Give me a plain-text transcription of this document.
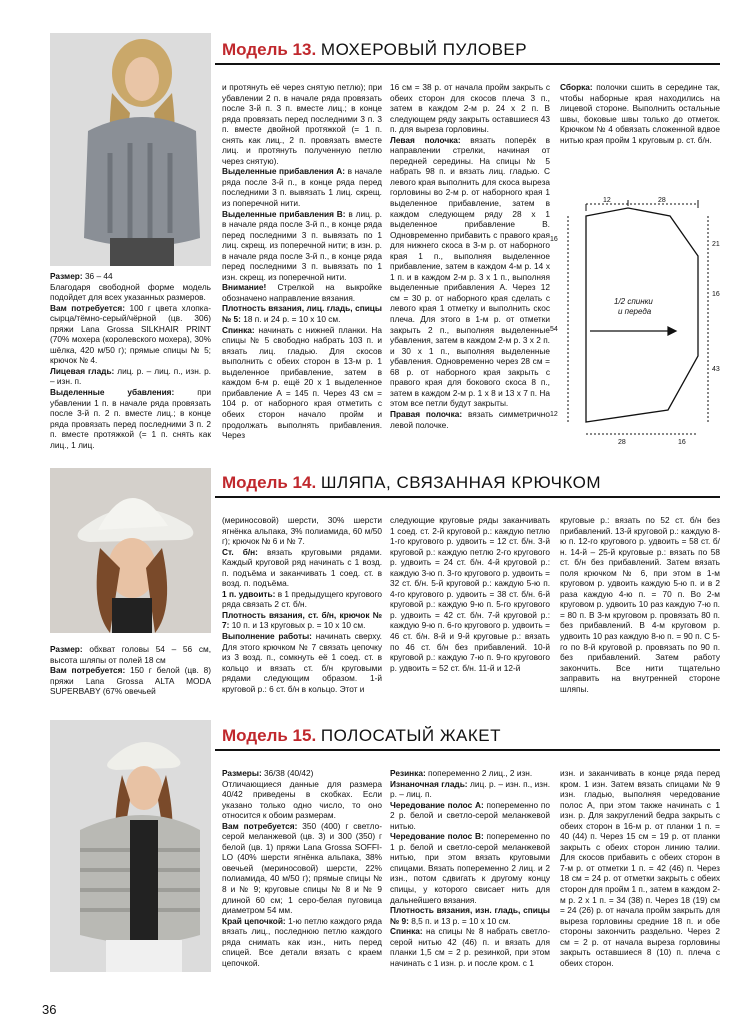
Модель 13. МОХЕРОВЫЙ ПУЛОВЕР

Размер: 36 – 44

Благодаря свободной форме модель подойдет для всех указанных размеров.

Вам потребуется: 100 г цвета хлопка-сырца/тёмно-серый/чёрной (цв. 306) пряжи Lana Grossa SILKHAIR PRINT (70% мохера (королевского мохера), 30% шёлка, 420 м/50 г); прямые спицы № 5; крючок № 4.

Лицевая гладь: лиц. р. – лиц. п., изн. р. – изн. п.

Выделенные убавления: при убавлении 1 п. в начале ряда провязать после 3-й п. 2 п. вместе лиц.; в конце ряда провязать перед последними 3 п. 2 п. вместе протяжкой (= 1 п. снять как лиц., 1 лиц.

и протянуть её через снятую петлю); при убавлении 2 п. в начале ряда провязать после 3-й п. 3 п. вместе лиц.; в конце ряда провязать перед последними 3 п. 3 п. вместе двойной протяжкой (= 1 п. снять как лиц., 2 п. провязать вместе лиц. и протянуть полученную петлю через снятую).

Выделенные прибавления А: в начале ряда после 3-й п., в конце ряда перед последними 3 п. вывязать 1 лиц. скрещ. из поперечной нити.

Выделенные прибавления В: в лиц. р. в начале ряда после 3-й п., в конце ряда перед последними 3 п. вывязать по 1 лиц. скрещ. из поперечной нити; в изн. р. в начале ряда после 3-й п., в конце ряда перед последними 3 п. вывязать по 1 изн. скрещ. из поперечной нити.

Внимание! Стрелкой на выкройке обозначено направление вязания.

Плотность вязания, лиц. гладь, спицы № 5: 18 п. и 24 р. = 10 х 10 см.

Спинка: начинать с нижней планки. На спицы № 5 свободно набрать 103 п. и вязать лиц. гладью. Для скосов выполнить с обеих сторон в 13-м р. 1 выделенное прибавление, затем в каждом 6-м р. ещё 20 х 1 выделенное прибавление А = 145 п. Через 43 см = 104 р. от наборного края отметить с обеих сторон начало пройм и продолжать выполнять прибавления. Через

16 см = 38 р. от начала пройм закрыть с обеих сторон для скосов плеча 3 п., затем в каждом 2-м р. 24 х 2 п. В следующем ряду закрыть оставшиеся 43 п. для выреза горловины.

Левая полочка: вязать поперёк в направлении стрелки, начиная от передней середины. На спицы № 5 набрать 98 п. и вязать лиц. гладью. С левого края выполнить для скоса выреза горловины во 2-м р. от наборного края 1 выделенное прибавление, затем в каждом следующем ряду 28 х 1 выделенное прибавление В. Одновременно прибавить с правого края для нижнего скоса в 3-м р. от наборного края 1 п., выполняя выделенное прибавление, затем в каждом 4-м р. 14 х 1 п. и в каждом 2-м р. 3 х 1 п., выполняя выделенные прибавления А. Через 12 см = 30 р. от наборного края сделать с левого края 1 отметку и выполнить скос плеча. Для этого в 1-м р. от отметки закрыть 2 п., выполняя выделенные убавления, затем в каждом 2-м р. 3 х 2 п. и 30 х 1 п., выполняя выделенные убавления. Одновременно через 28 см = 68 р. от наборного края закрыть с правого края для бокового скоса 8 п., затем в каждом 2-м р. 1 х 8 и 13 х 7 п. На этом все петли будут закрыты.

Правая полочка: вязать симметрично левой полочке.

Сборка: полочки сшить в середине так, чтобы наборные края находились на лицевой стороне. Выполнить остальные швы, боковые швы только до отметок. Крючком № 4 обвязать сложенной вдвое нитью края пройм 1 круговым р. ст. б/н.

12	28
21
16
43
16
54
12
28	16
1/2 спинки
и переда
Модель 14. ШЛЯПА, СВЯЗАННАЯ КРЮЧКОМ

Размер: обхват головы 54 – 56 см, высота шляпы от полей 18 см

Вам потребуется: 150 г белой (цв. 8) пряжи Lana Grossa ALTA MODA SUPERBABY (67% овечьей

(мериносовой) шерсти, 30% шерсти ягнёнка альпака, 3% полиамида, 60 м/50 г); крючок № 6 и № 7.

Ст. б/н: вязать круговыми рядами. Каждый круговой ряд начинать с 1 возд. п. подъёма и заканчивать 1 соед. ст. в возд. п. подъёма.

1 п. удвоить: в 1 предыдущего кругового ряда связать 2 ст. б/н.

Плотность вязания, ст. б/н, крючок № 7: 10 п. и 13 круговых р. = 10 х 10 см.

Выполнение работы: начинать сверху. Для этого крючком № 7 связать цепочку из 3 возд. п., сомкнуть её 1 соед. ст. в кольцо и вязать ст. б/н круговыми рядами следующим образом. 1-й круговой р.: 6 ст. б/н в кольцо. Этот и

следующие круговые ряды заканчивать 1 соед. ст. 2-й круговой р.: каждую петлю 1-го кругового р. удвоить = 12 ст. б/н. 3-й круговой р.: каждую петлю 2-го кругового р. удвоить = 24 ст. б/н. 4-й круговой р.: каждую 3-ю п. 3-го кругового р. удвоить = 32 ст. б/н. 5-й круговой р.: каждую 5-ю п. 4-го кругового р. удвоить = 38 ст. б/н. 6-й круговой р.: каждую 9-ю п. 5-го кругового р. удвоить = 42 ст. б/н. 7-й круговой р.: каждую 9-ю п. 6-го кругового р. удвоить = 46 ст. б/н. 8-й и 9-й круговые р.: вязать по 46 ст. б/н без прибавлений. 10-й круговой р.: каждую 7-ю п. 9-го кругового р. удвоить = 52 ст. б/н. 11-й и 12-й

круговые р.: вязать по 52 ст. б/н без прибавлений. 13-й круговой р.: каждую 8-ю п. 12-го кругового р. удвоить = 58 ст. б/н. 14-й – 25-й круговые р.: вязать по 58 ст. б/н без прибавлений. Затем вязать поля крючком № 6, при этом в 1-м круговом р. удвоить каждую 5-ю п. и в 2 раза каждую 4-ю п. = 70 п. Во 2-м круговом р. удвоить 10 раз каждую 7-ю п. = 80 п. В 3-м круговом р. провязать 80 п. без прибавлений. В 4-м круговом р. удвоить 10 раз каждую 8-ю п. = 90 п. С 5-го по 8-й круговой р. провязать по 90 п. без прибавлений. Затем работу закончить. Все нити тщательно заправить на внутренней стороне шляпы.

Модель 15. ПОЛОСАТЫЙ ЖАКЕТ

Размеры: 36/38 (40/42)

Отличающиеся данные для размера 40/42 приведены в скобках. Если указано только одно число, то оно относится к обоим размерам.

Вам потребуется: 350 (400) г светло-серой меланжевой (цв. 3) и 300 (350) г белой (цв. 1) пряжи Lana Grossa SOFFI-LO (40% шерсти ягнёнка альпака, 38% овечьей (мериносовой) шерсти, 22% полиамида, 40 м/50 г); прямые спицы № 8 и № 9; круговые спицы № 8 и № 9 длиной 60 см; 1 серо-белая пуговица диаметром 54 мм.

Край цепочкой: 1-ю петлю каждого ряда вязать лиц., последнюю петлю каждого ряда снимать как изн., нить перед спицей. Все детали вязать с краем цепочкой.

Резинка: попеременно 2 лиц., 2 изн.

Изнаночная гладь: лиц. р. – изн. п., изн. р. – лиц. п.

Чередование полос А: попеременно по 2 р. белой и светло-серой меланжевой нитью.

Чередование полос В: попеременно по 1 р. белой и светло-серой меланжевой нитью, при этом вязать круговыми спицами. Вязать попеременно 2 лиц. и 2 изн., потом сдвигать к другому концу спицы, у которого свисает нить для дальнейшего вязания.

Плотность вязания, изн. гладь, спицы № 9: 8,5 п. и 13 р. = 10 х 10 см.

Спинка: на спицы № 8 набрать светло-серой нитью 42 (46) п. и вязать для планки 1,5 см = 2 р. резинкой, при этом начинать с 1 изн. р. и после кром. с 1

изн. и заканчивать в конце ряда перед кром. 1 изн. Затем вязать спицами № 9 изн. гладью, выполняя чередование полос А, при этом также начинать с 1 изн. р. Для закруглений бедра закрыть с обеих сторон в 16-м р. от планки 1 п. = 40 (44) п. Через 15 см = 19 р. от планки закрыть с обеих сторон линию талии. Для скосов прибавить с обеих сторон в 7-м р. от отметки 1 п. = 42 (46) п. Через 18 см = 24 р. от отметки закрыть с обеих сторон для пройм 1 п., затем в каждом 2-м р. 2 х 1 п. = 34 (38) п. Через 18 (19) см = 24 (26) р. от начала пройм закрыть для выреза горловины средние 18 п. и обе стороны закончить раздельно. Через 2 см = 2 р. от начала выреза горловины закрыть оставшиеся 8 (10) п. плеча с обеих сторон.

36
